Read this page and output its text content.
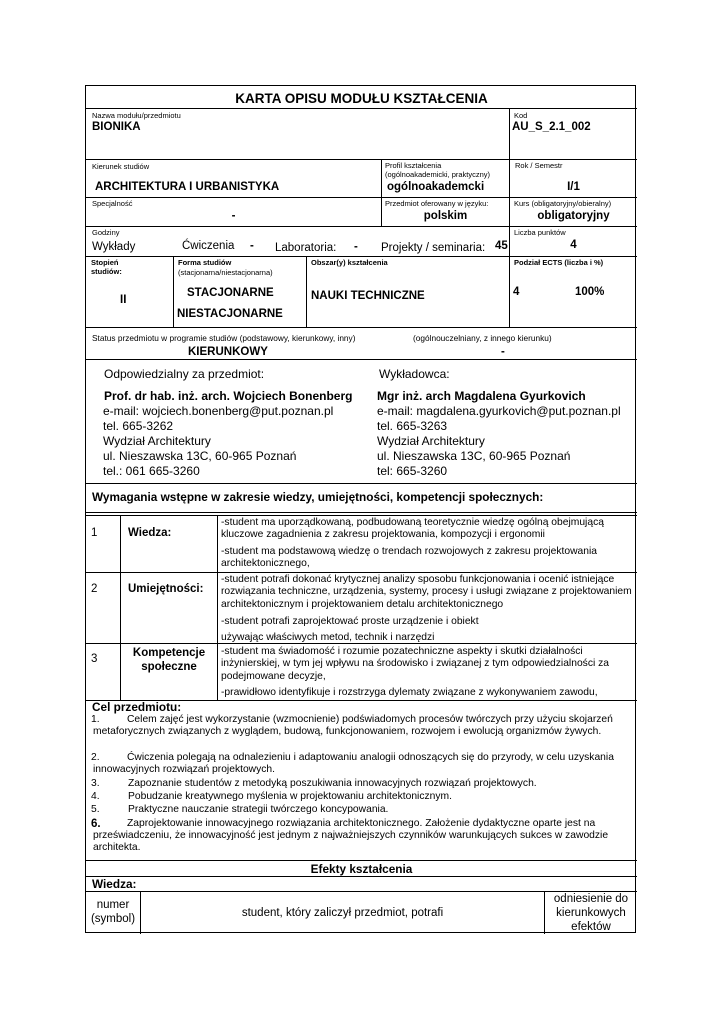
KARTA OPISU MODUŁU KSZTAŁCENIA
Nazwa modułu/przedmiotu
BIONIKA
Kod
AU_S_2.1_002
Kierunek studiów
ARCHITEKTURA I URBANISTYKA
Profil kształcenia
(ogólnoakademicki, praktyczny)
ogólnoakademcki
Rok / Semestr
I/1
Specjalność
-
Przedmiot oferowany w języku:
polskim
Kurs (obligatoryjny/obieralny)
obligatoryjny
Godziny
Wykłady	Ćwiczenia - Laboratoria: - Projekty / seminaria: 45
Liczba punktów
4
Stopień
studiów:
II
Forma studiów
(stacjonarna/niestacjonarna)
STACJONARNE
NIESTACJONARNE
Obszar(y) kształcenia
NAUKI TECHNICZNE
Podział ECTS (liczba i %)
4	100%
Status przedmiotu w programie studiów (podstawowy, kierunkowy, inny)	(ogólnouczelniany, z innego kierunku)
KIERUNKOWY	-
Odpowiedzialny za przedmiot:
Prof. dr hab. inż. arch. Wojciech Bonenberg
e-mail: wojciech.bonenberg@put.poznan.pl
tel. 665-3262
Wydział Architektury
ul. Nieszawska 13C, 60-965 Poznań
tel.: 061 665-3260
Wykładowca:
Mgr inż. arch Magdalena Gyurkovich
e-mail: magdalena.gyurkovich@put.poznan.pl
tel. 665-3263
Wydział Architektury
ul. Nieszawska 13C, 60-965 Poznań
tel: 665-3260
Wymagania wstępne w zakresie wiedzy, umiejętności, kompetencji społecznych:
1	Wiedza:
-student ma uporządkowaną, podbudowaną teoretycznie wiedzę ogólną obejmującą kluczowe zagadnienia z zakresu projektowania, kompozycji i ergonomii
-student ma podstawową wiedzę o trendach rozwojowych z zakresu projektowania architektonicznego,
2	Umiejętności:
-student potrafi dokonać krytycznej analizy sposobu funkcjonowania i ocenić istniejące rozwiązania techniczne, urządzenia, systemy, procesy i usługi związane z projektowaniem architektonicznym i projektowaniem detalu architektonicznego
-student potrafi zaprojektować proste urządzenie i obiekt używając właściwych metod, technik i narzędzi
3	Kompetencje społeczne
-student ma świadomość i rozumie pozatechniczne aspekty i skutki działalności inżynierskiej, w tym jej wpływu na środowisko i związanej z tym odpowiedzialności za podejmowane decyzje,
-prawidłowo identyfikuje i rozstrzyga dylematy związane z wykonywaniem zawodu,
Cel przedmiotu:
1.	Celem zajęć jest wykorzystanie (wzmocnienie) podświadomych procesów twórczych przy użyciu skojarzeń metaforycznych związanych z wyglądem, budową, funkcjonowaniem, rozwojem i ewolucją organizmów żywych.
2.	Ćwiczenia polegają na odnalezieniu i adaptowaniu analogii odnoszących się do przyrody, w celu uzyskania innowacyjnych rozwiązań projektowych.
3.	Zapoznanie studentów z metodyką poszukiwania innowacyjnych rozwiązań projektowych.
4.	Pobudzanie kreatywnego myślenia w projektowaniu architektonicznym.
5.	Praktyczne nauczanie strategii twórczego koncypowania.
6.	Zaprojektowanie innowacyjnego rozwiązania architektonicznego. Założenie dydaktyczne oparte jest na przeświadczeniu, że innowacyjność jest jednym z najważniejszych czynników warunkujących sukces w zawodzie architekta.
Efekty kształcenia
Wiedza:
numer (symbol)	student, który zaliczył przedmiot, potrafi
odniesienie do kierunkowych efektów
